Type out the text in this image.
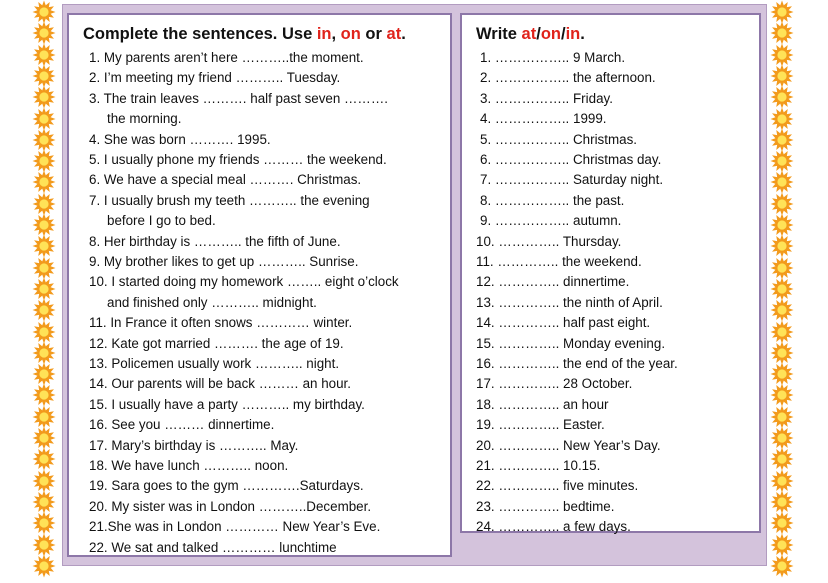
Complete the sentences. Use in, on or at.
1. My parents aren’t here ………..the moment.
2. I’m meeting my friend ……….. Tuesday.
3. The train leaves ………. half past seven ……….
the morning.
4. She was born ………. 1995.
5. I usually phone my friends ……… the weekend.
6. We have a special meal ………. Christmas.
7. I usually brush my teeth ……….. the evening
before I go to bed.
8. Her birthday is ……….. the fifth of June.
9. My brother likes to get up ……….. Sunrise.
10. I started doing my homework …….. eight o’clock
and finished only ……….. midnight.
11. In France it often snows ………… winter.
12. Kate got married ………. the age of 19.
13. Policemen usually work ……….. night.
14. Our parents will be back ……… an hour.
15. I usually have a party ……….. my birthday.
16. See you ……… dinnertime.
17. Mary’s birthday is ……….. May.
18. We have lunch ……….. noon.
19. Sara goes to the gym ………….Saturdays.
20. My sister was in London ………..December.
21.She was in London ………… New Year’s Eve.
22. We sat and talked ………… lunchtime
Write at/on/in.
1. …………….. 9 March.
2. …………….. the afternoon.
3. …………….. Friday.
4. …………….. 1999.
5. …………….. Christmas.
6. …………….. Christmas day.
7. …………….. Saturday night.
8. …………….. the past.
9. …………….. autumn.
10. ………….. Thursday.
11. ………….. the weekend.
12. ………….. dinnertime.
13. ………….. the ninth of April.
14. ………….. half past eight.
15. ………….. Monday evening.
16. ………….. the end of the year.
17. ………….. 28 October.
18. ………….. an hour
19. ………….. Easter.
20. ………….. New Year’s Day.
21. ………….. 10.15.
22. ………….. five minutes.
23. ………….. bedtime.
24. ………….. a few days.
